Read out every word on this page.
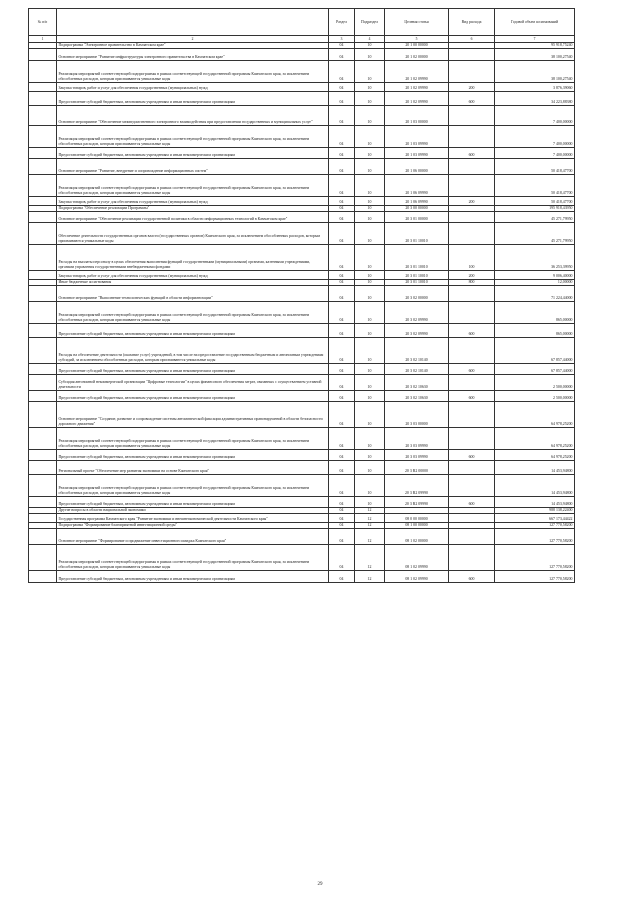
№ п/п		Раздел	Подраздел	Целевая статья	Вид расхода	Годовой объем ассигнований
1	2	3	4	5	6	7
	Подпрограмма "Электронное правительство в Камчатском крае"	04	10	20 1 00 00000		95 918,75240
	Основное мероприятие "Развитие инфраструктуры электронного правительства в Камчатском крае"	04	10	20 1 02 00000		38 100,27540
	Реализация мероприятий соответствующей подпрограммы в рамках соответствующей государственной программы Камчатского края, за исключением обособленных расходов, которым присваиваются уникальные коды	04	10	20 1 02 09990		38 100,27540
	Закупка товаров, работ и услуг для обеспечения государственных (муниципальных) нужд	04	10	20 1 02 09990	200	3 876,39060
	Предоставление субсидий бюджетным, автономным учреждениям и иным некоммерческим организациям	04	10	20 1 02 09990	600	34 223,88380
	Основное мероприятие "Обеспечение межведомственного электронного взаимодействия при предоставлении государственных и муниципальных услуг"	04	10	20 1 03 00000		7 400,00000
	Реализация мероприятий соответствующей подпрограммы в рамках соответствующей государственной программы Камчатского края, за исключением обособленных расходов, которым присваиваются уникальные коды	04	10	20 1 03 09990		7 400,00000
	Предоставление субсидий бюджетным, автономным учреждениям и иным некоммерческим организациям	04	10	20 1 03 09990	600	7 400,00000
	Основное мероприятие "Развитие, внедрение и сопровождение информационных систем"	04	10	20 1 06 00000		50 418,47700
	Реализация мероприятий соответствующей подпрограммы в рамках соответствующей государственной программы Камчатского края, за исключением обособленных расходов, которым присваиваются уникальные коды	04	10	20 1 06 09990		50 418,47700
	Закупка товаров, работ и услуг для обеспечения государственных (муниципальных) нужд	04	10	20 1 06 09990	200	50 418,47700
	Подпрограмма "Обеспечение реализации Программы"	04	10	20 3 00 00000		195 918,43950
	Основное мероприятие "Обеспечение реализации государственной политики в области информационных технологий в Камчатском крае"	04	10	20 3 01 00000		45 271,79950
	Обеспечение деятельности государственных органов власти (государственных органов) Камчатского края, за исключением обособленных расходов, которым присваиваются уникальные коды	04	10	20 3 01 10010		45 271,79950
	Расходы на выплаты персоналу в целях обеспечения выполнения функций государственными (муниципальными) органами, казенными учреждениями, органами управления государственными внебюджетными фондами	04	10	20 3 01 10010	100	36 253,39950
	Закупка товаров, работ и услуг для обеспечения государственных (муниципальных) нужд	04	10	20 3 01 10010	200	9 006,40000
	Иные бюджетные ассигнования	04	10	20 3 01 10010	800	12,00000
	Основное мероприятие "Выполнение технологических функций в области информатизации"	04	10	20 3 02 00000		71 224,44000
	Реализация мероприятий соответствующей подпрограммы в рамках соответствующей государственной программы Камчатского края, за исключением обособленных расходов, которым присваиваются уникальные коды	04	10	20 3 02 09990		865,00000
	Предоставление субсидий бюджетным, автономным учреждениям и иным некоммерческим организациям	04	10	20 3 02 09990	600	865,00000
	Расходы на обеспечение деятельности (оказание услуг) учреждений, в том числе на предоставление государственным бюджетным и автономным учреждениям субсидий, за исключением обособленных расходов, которым присваиваются уникальные коды	04	10	20 3 02 10140		67 857,44000
	Предоставление субсидий бюджетным, автономным учреждениям и иным некоммерческим организациям	04	10	20 3 02 10140	600	67 857,44000
	Субсидия автономной некоммерческой организации "Цифровые технологии" в целях финансового обеспечения затрат, связанных с осуществлением уставной деятельности	04	10	20 3 02 10630		2 500,00000
	Предоставление субсидий бюджетным, автономным учреждениям и иным некоммерческим организациям	04	10	20 3 02 10630	600	2 500,00000
	Основное мероприятие "Создание, развитие и сопровождение системы автоматической фиксации административных правонарушений в области безопасности дорожного движения"	04	10	20 3 03 00000		64 978,25200
	Реализация мероприятий соответствующей подпрограммы в рамках соответствующей государственной программы Камчатского края, за исключением обособленных расходов, которым присваиваются уникальные коды	04	10	20 3 03 09990		64 978,25200
	Предоставление субсидий бюджетным, автономным учреждениям и иным некоммерческим организациям	04	10	20 3 03 09990	600	64 978,25200
	Региональный проект "Обеспечение мер развития экономики на основе Камчатского края"	04	10	20 3 R2 00000		14 453,94800
	Реализация мероприятий соответствующей подпрограммы в рамках соответствующей государственной программы Камчатского края, за исключением обособленных расходов, которым присваиваются уникальные коды	04	10	20 3 R2 09990		14 453,94800
	Предоставление субсидий бюджетным, автономным учреждениям и иным некоммерческим организациям	04	10	20 3 R2 09990	600	14 453,94800
	Другие вопросы в области национальной экономики	04	12			988 138,22400
	Государственная программа Камчатского края "Развитие экономики и внешнеэкономической деятельности Камчатского края"	04	12	08 0 00 00000		667 173,44422
	Подпрограмма "Формирование благоприятной инвестиционной среды"	04	12	08 1 00 00000		127 770,58200
	Основное мероприятие "Формирование и продвижение инвестиционного имиджа Камчатского края"	04	12	08 1 02 00000		127 770,58200
	Реализация мероприятий соответствующей подпрограммы в рамках соответствующей государственной программы Камчатского края, за исключением обособленных расходов, которым присваиваются уникальные коды	04	12	08 1 02 09990		127 770,58200
	Предоставление субсидий бюджетным, автономным учреждениям и иным некоммерческим организациям	04	12	08 1 02 09990	600	127 770,58200
29
